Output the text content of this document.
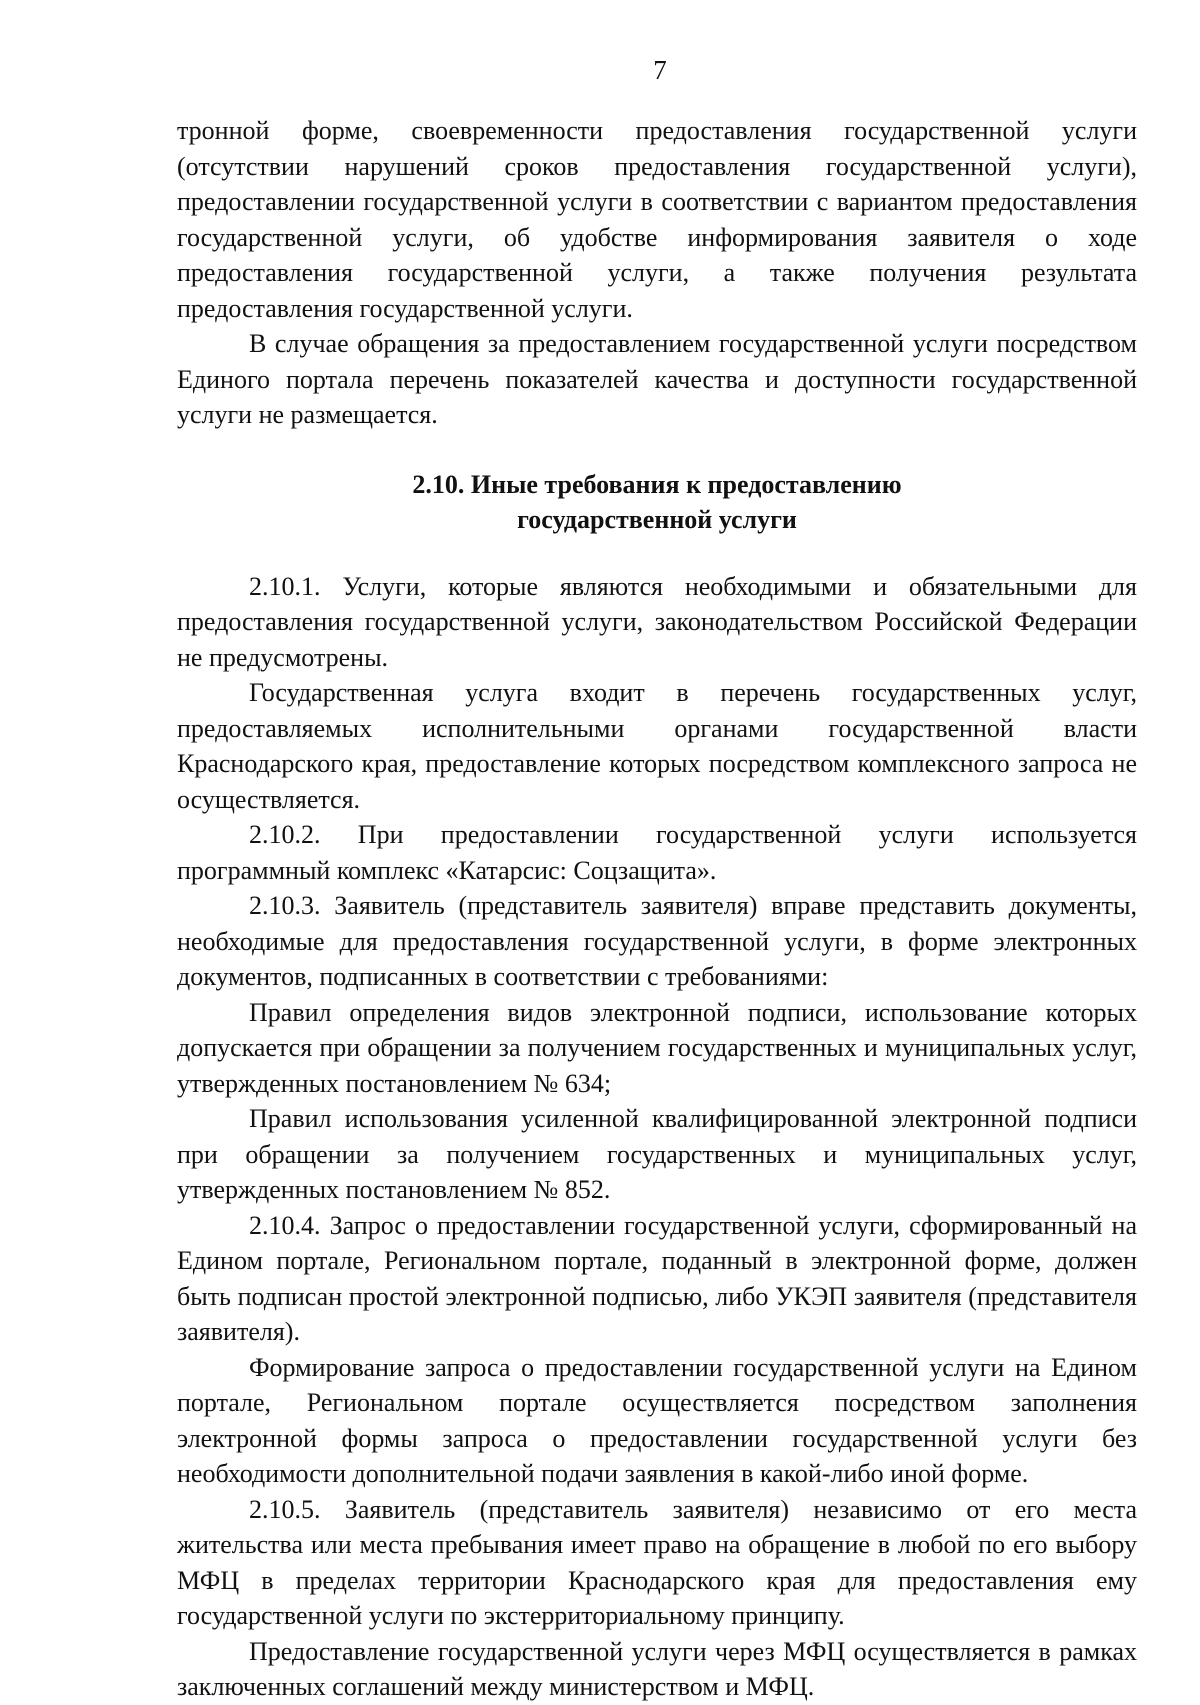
7

тронной форме, своевременности предоставления государственной услуги (отсутствии нарушений сроков предоставления государственной услуги), предоставлении государственной услуги в соответствии с вариантом предоставления государственной услуги, об удобстве информирования заявителя о ходе предоставления государственной услуги, а также получения результата предоставления государственной услуги.

В случае обращения за предоставлением государственной услуги посредством Единого портала перечень показателей качества и доступности государственной услуги не размещается.

2.10. Иные требования к предоставлению
государственной услуги

2.10.1. Услуги, которые являются необходимыми и обязательными для предоставления государственной услуги, законодательством Российской Федерации не предусмотрены.

Государственная услуга входит в перечень государственных услуг, предоставляемых исполнительными органами государственной власти Краснодарского края, предоставление которых посредством комплексного запроса не осуществляется.

2.10.2. При предоставлении государственной услуги используется программный комплекс «Катарсис: Соцзащита».

2.10.3. Заявитель (представитель заявителя) вправе представить документы, необходимые для предоставления государственной услуги, в форме электронных документов, подписанных в соответствии с требованиями:

Правил определения видов электронной подписи, использование которых допускается при обращении за получением государственных и муниципальных услуг, утвержденных постановлением № 634;

Правил использования усиленной квалифицированной электронной подписи при обращении за получением государственных и муниципальных услуг, утвержденных постановлением № 852.

2.10.4. Запрос о предоставлении государственной услуги, сформированный на Едином портале, Региональном портале, поданный в электронной форме, должен быть подписан простой электронной подписью, либо УКЭП заявителя (представителя заявителя).

Формирование запроса о предоставлении государственной услуги на Едином портале, Региональном портале осуществляется посредством заполнения электронной формы запроса о предоставлении государственной услуги без необходимости дополнительной подачи заявления в какой-либо иной форме.

2.10.5. Заявитель (представитель заявителя) независимо от его места жительства или места пребывания имеет право на обращение в любой по его выбору МФЦ в пределах территории Краснодарского края для предоставления ему государственной услуги по экстерриториальному принципу.

Предоставление государственной услуги через МФЦ осуществляется в рамках заключенных соглашений между министерством и МФЦ.
